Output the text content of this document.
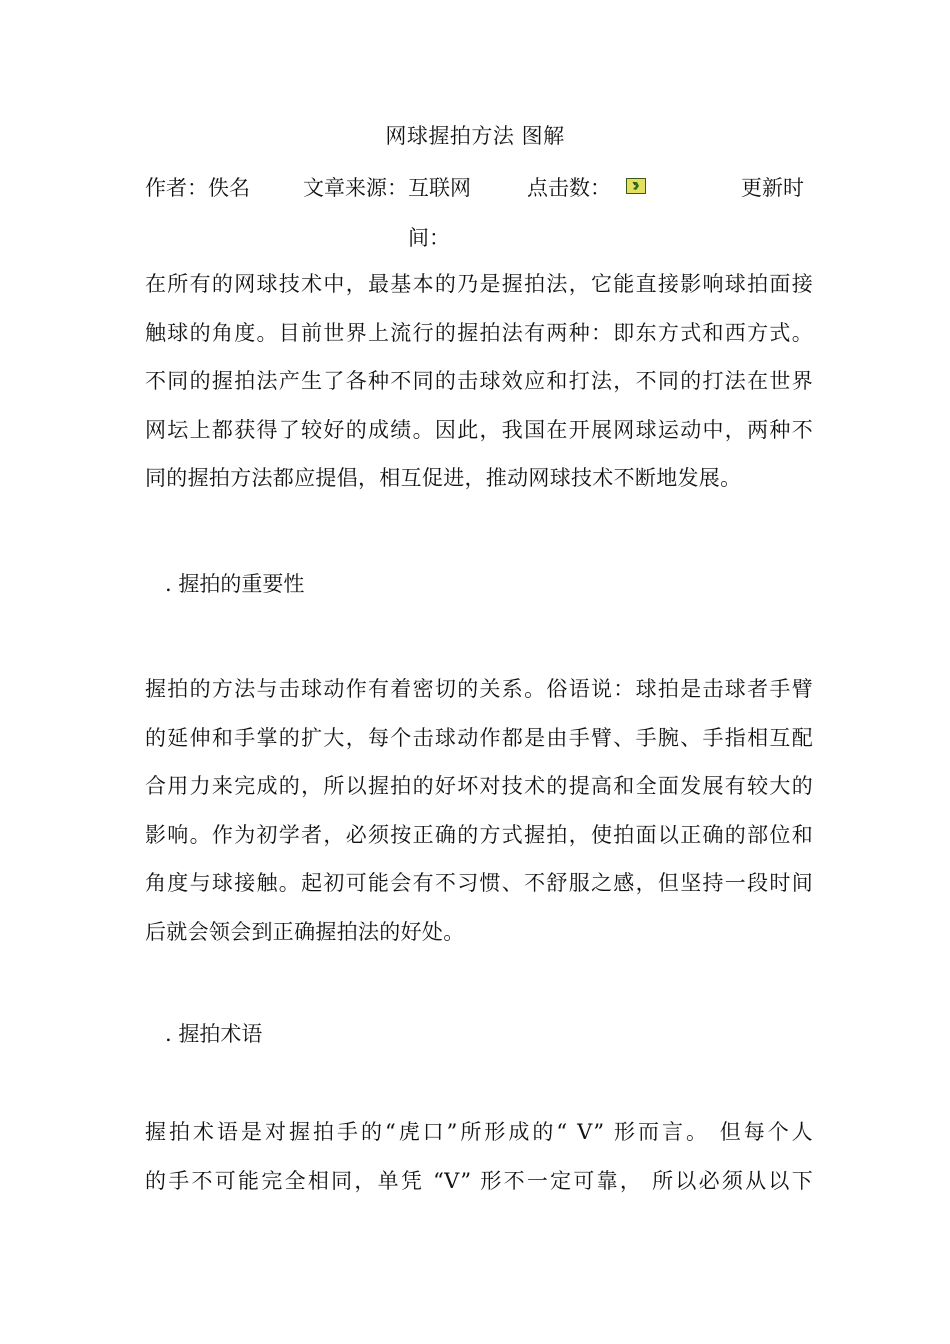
网球握拍方法 图解
作者：佚名	文章来源：互联网	点击数：	更新时
间：
在所有的网球技术中，最基本的乃是握拍法，它能直接影响球拍面接
触球的角度。目前世界上流行的握拍法有两种：即东方式和西方式。
不同的握拍法产生了各种不同的击球效应和打法，不同的打法在世界
网坛上都获得了较好的成绩。因此，我国在开展网球运动中，两种不
同的握拍方法都应提倡，相互促进，推动网球技术不断地发展。
. 握拍的重要性
握拍的方法与击球动作有着密切的关系。俗语说：球拍是击球者手臂
的延伸和手掌的扩大，每个击球动作都是由手臂、手腕、手指相互配
合用力来完成的，所以握拍的好坏对技术的提高和全面发展有较大的
影响。作为初学者，必须按正确的方式握拍，使拍面以正确的部位和
角度与球接触。起初可能会有不习惯、不舒服之感，但坚持一段时间
后就会领会到正确握拍法的好处。
. 握拍术语
握拍术语是对握拍手的“虎口”所形成的“ V” 形而言。 但每个人
的手不可能完全相同，单凭 “V” 形不一定可靠， 所以必须从以下
